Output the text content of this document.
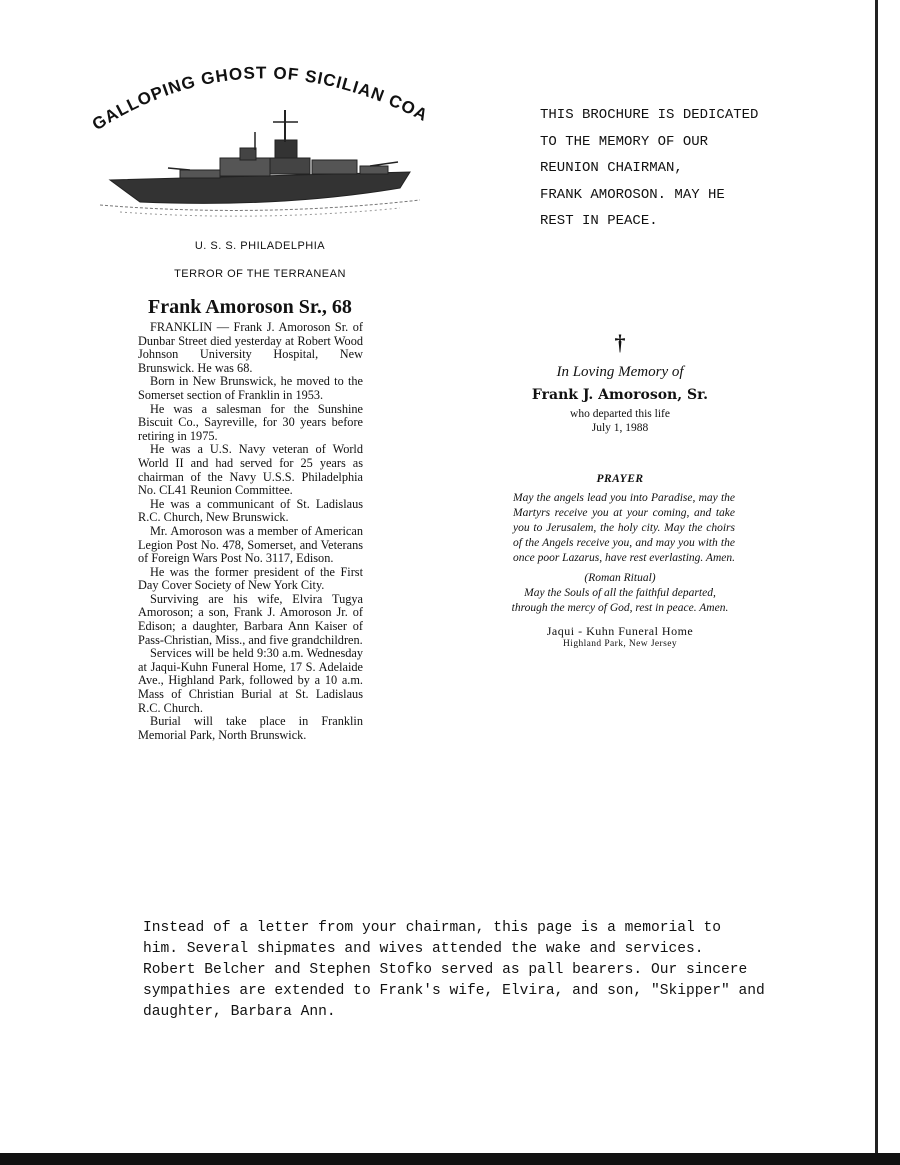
GALLOPING GHOST OF SICILIAN COA
U. S. S. PHILADELPHIA
TERROR OF THE TERRANEAN
THIS BROCHURE IS DEDICATED
TO THE MEMORY OF OUR
REUNION CHAIRMAN,
FRANK AMOROSON. MAY HE
REST IN PEACE.
Frank Amoroson Sr., 68

FRANKLIN — Frank J. Amoroson Sr. of Dunbar Street died yesterday at Robert Wood Johnson University Hospital, New Brunswick. He was 68.

Born in New Brunswick, he moved to the Somerset section of Franklin in 1953.

He was a salesman for the Sunshine Biscuit Co., Sayreville, for 30 years before retiring in 1975.

He was a U.S. Navy veteran of World World II and had served for 25 years as chairman of the Navy U.S.S. Philadelphia No. CL41 Reunion Committee.

He was a communicant of St. Ladislaus R.C. Church, New Brunswick.

Mr. Amoroson was a member of American Legion Post No. 478, Somerset, and Veterans of Foreign Wars Post No. 3117, Edison.

He was the former president of the First Day Cover Society of New York City.

Surviving are his wife, Elvira Tugya Amoroson; a son, Frank J. Amoroson Jr. of Edison; a daughter, Barbara Ann Kaiser of Pass-Christian, Miss., and five grandchildren.

Services will be held 9:30 a.m. Wednesday at Jaqui-Kuhn Funeral Home, 17 S. Adelaide Ave., Highland Park, followed by a 10 a.m. Mass of Christian Burial at St. Ladislaus R.C. Church.

Burial will take place in Franklin Memorial Park, North Brunswick.

†
In Loving Memory of
Frank J. Amoroson, Sr.
who departed this life
July 1, 1988
PRAYER
May the angels lead you into Paradise, may the Martyrs receive you at your coming, and take you to Jerusalem, the holy city. May the choirs of the Angels receive you, and may you with the once poor Lazarus, have rest everlasting. Amen.
(Roman Ritual)
May the Souls of all the faithful departed, through the mercy of God, rest in peace. Amen.
Jaqui - Kuhn Funeral Home
Highland Park, New Jersey
Instead of a letter from your chairman, this page is a memorial to
him. Several shipmates and wives attended the wake and services.
Robert Belcher and Stephen Stofko served as pall bearers. Our sincere
sympathies are extended to Frank's wife, Elvira, and son, "Skipper" and
daughter, Barbara Ann.
